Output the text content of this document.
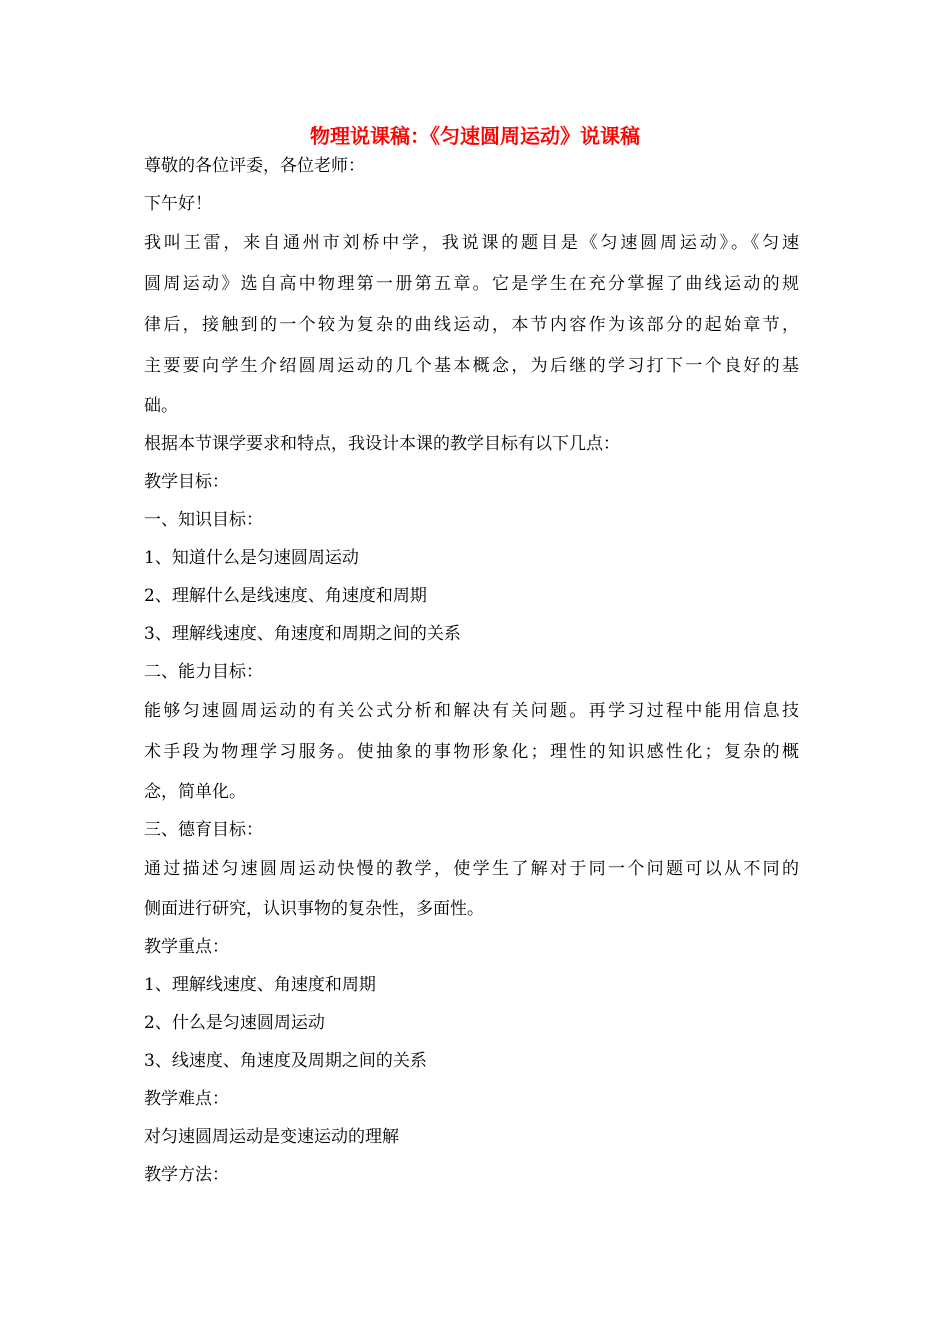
物理说课稿：《匀速圆周运动》说课稿
尊敬的各位评委，各位老师：
下午好！
我叫王雷，来自通州市刘桥中学，我说课的题目是《匀速圆周运动》。《匀速
圆周运动》选自高中物理第一册第五章。它是学生在充分掌握了曲线运动的规
律后，接触到的一个较为复杂的曲线运动，本节内容作为该部分的起始章节，
主要要向学生介绍圆周运动的几个基本概念，为后继的学习打下一个良好的基
础。
根据本节课学要求和特点，我设计本课的教学目标有以下几点：
教学目标：
一、知识目标：
1、知道什么是匀速圆周运动
2、理解什么是线速度、角速度和周期
3、理解线速度、角速度和周期之间的关系
二、能力目标：
能够匀速圆周运动的有关公式分析和解决有关问题。再学习过程中能用信息技
术手段为物理学习服务。使抽象的事物形象化；理性的知识感性化；复杂的概
念，简单化。
三、德育目标：
通过描述匀速圆周运动快慢的教学，使学生了解对于同一个问题可以从不同的
侧面进行研究，认识事物的复杂性，多面性。
教学重点：
1、理解线速度、角速度和周期
2、什么是匀速圆周运动
3、线速度、角速度及周期之间的关系
教学难点：
对匀速圆周运动是变速运动的理解
教学方法：
